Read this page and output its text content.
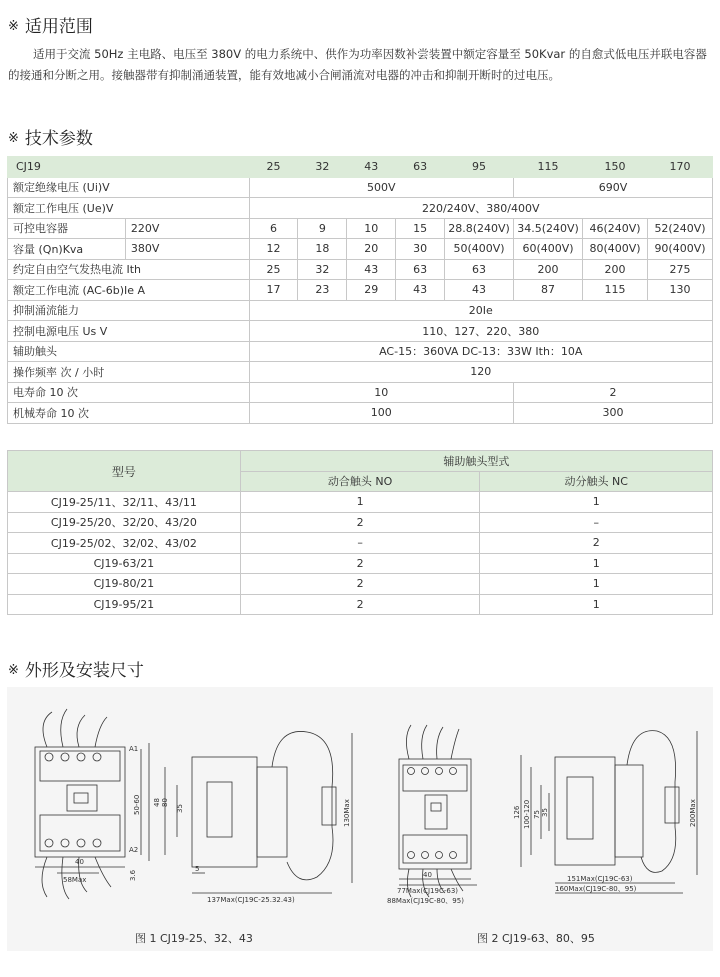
※ 适用范围
适用于交流 50Hz 主电路、电压至 380V 的电力系统中、供作为功率因数补尝装置中额定容量至 50Kvar 的自愈式低电压并联电容器的接通和分断之用。接触器带有抑制涌通装置，能有效地减小合闸涌流对电器的冲击和抑制开断时的过电压。
※ 技术参数
CJ19		25	32	43	63	95	115	150	170
额定绝缘电压 (Ui)V		500V					690V		
额定工作电压 (Ue)V		220/240V、380/400V							
可控电容器	220V	6	9	10	15	28.8(240V)	34.5(240V)	46(240V)	52(240V)
容量 (Qn)Kva	380V	12	18	20	30	50(400V)	60(400V)	80(400V)	90(400V)
约定自由空气发热电流 Ith		25	32	43	63	63	200	200	275
额定工作电流 (AC-6b)Ie A		17	23	29	43	43	87	115	130
抑制涌流能力		20Ie							
控制电源电压 Us V		110、127、220、380							
辅助触头		AC-15：360VA DC-13：33W Ith：10A							
操作频率 次 / 小时		120							
电寿命 10 次		10					2		
机械寿命 10 次		100					300		
型号	辅助触头型式	
	动合触头 NO	动分触头 NC
CJ19-25/11、32/11、43/11	1	1
CJ19-25/20、32/20、43/20	2	–
CJ19-25/02、32/02、43/02	–	2
CJ19-63/21	2	1
CJ19-80/21	2	1
CJ19-95/21	2	1
※ 外形及安装尺寸
A1
A2
50-60	80
48
35	130Max
40
58Max	3.6
5
137Max(CJ19C-25.32.43)
126 100-120 75 35	200Max
40
77Max(CJ19C-63)
88Max(CJ19C-80、95)
151Max(CJ19C-63)
160Max(CJ19C-80、95)
图 1 CJ19-25、32、43	图 2 CJ19-63、80、95
